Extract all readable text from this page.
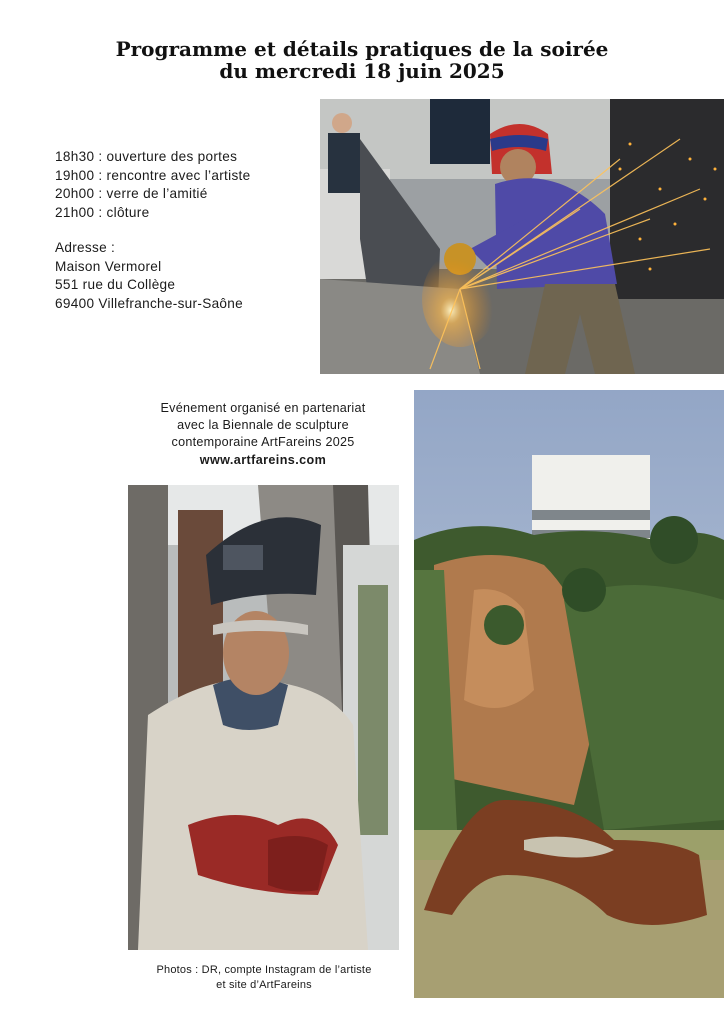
Programme et détails pratiques de la soirée
du mercredi 18 juin 2025
18h30 : ouverture des portes
19h00 : rencontre avec l’artiste
20h00 : verre de l’amitié
21h00 : clôture
Adresse :
Maison Vermorel
551 rue du Collège
69400 Villefranche-sur-Saône
Evénement organisé en partenariat
avec la Biennale de sculpture
contemporaine ArtFareins 2025
www.artfareins.com
Photos : DR, compte Instagram de l’artiste
et site d’ArtFareins
